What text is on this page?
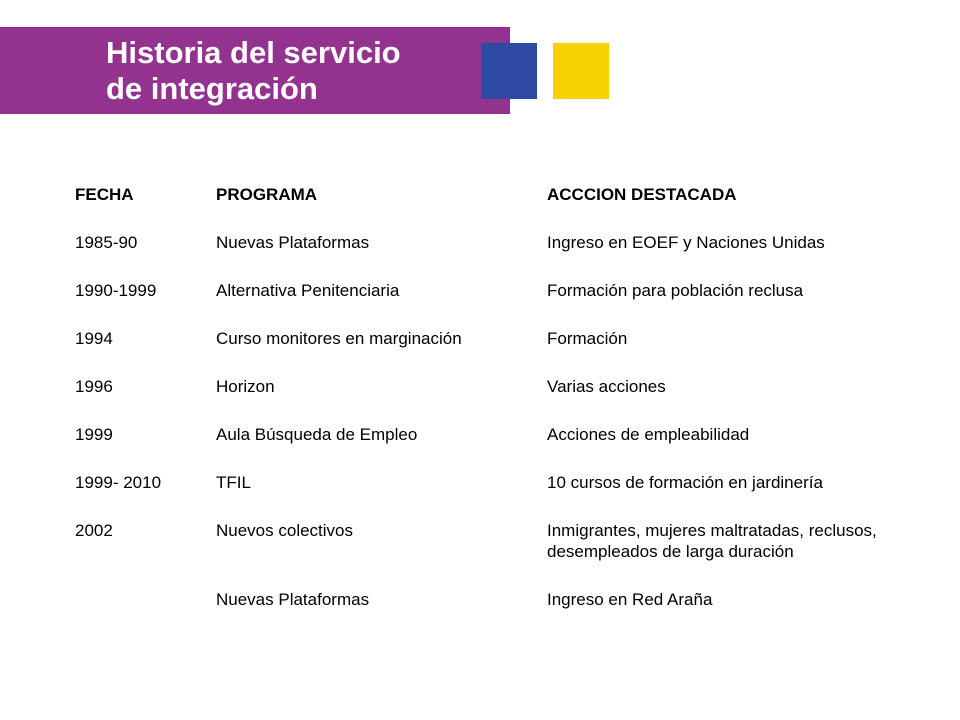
Historia del servicio
de integración
FECHA	PROGRAMA	ACCCION DESTACADA
1985-90	Nuevas Plataformas	Ingreso en EOEF y Naciones Unidas
1990-1999	Alternativa Penitenciaria	Formación para población reclusa
1994	Curso monitores en marginación	Formación
1996	Horizon	Varias acciones
1999	Aula Búsqueda de Empleo	Acciones de empleabilidad
1999- 2010	TFIL	10 cursos de formación en jardinería
2002	Nuevos colectivos	Inmigrantes, mujeres maltratadas, reclusos, desempleados de larga duración
	Nuevas Plataformas	Ingreso en Red Araña
